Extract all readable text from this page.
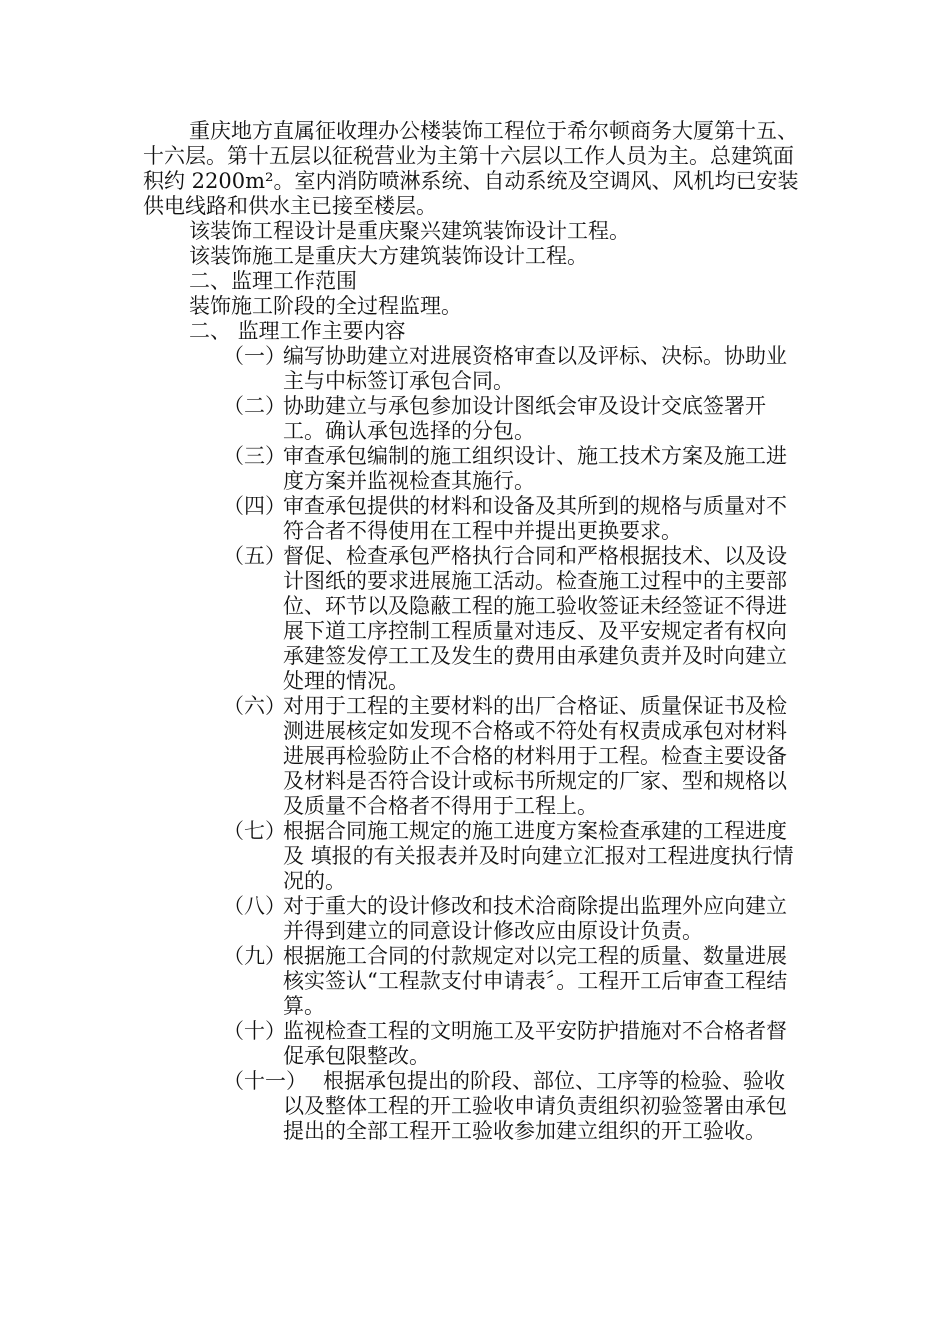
重庆地方直属征收理办公楼装饰工程位于希尔顿商务大厦第十五、十六层。第十五层以征税营业为主第十六层以工作人员为主。总建筑面积约 2200m²。室内消防喷淋系统、自动系统及空调风、风机均已安装供电线路和供水主已接至楼层。

该装饰工程设计是重庆聚兴建筑装饰设计工程。

该装饰施工是重庆大方建筑装饰设计工程。

二、监理工作范围

装饰施工阶段的全过程监理。

二、 监理工作主要内容

（一）
编写协助建立对进展资格审查以及评标、决标。协助业主与中标签订承包合同。
（二）
协助建立与承包参加设计图纸会审及设计交底签署开工。确认承包选择的分包。
（三）
审查承包编制的施工组织设计、施工技术方案及施工进度方案并监视检查其施行。
（四）
审查承包提供的材料和设备及其所到的规格与质量对不符合者不得使用在工程中并提出更换要求。
（五）
督促、检查承包严格执行合同和严格根据技术、以及设计图纸的要求进展施工活动。检查施工过程中的主要部位、环节以及隐蔽工程的施工验收签证未经签证不得进展下道工序控制工程质量对违反、及平安规定者有权向承建签发停工工及发生的费用由承建负责并及时向建立处理的情况。
（六）
对用于工程的主要材料的出厂合格证、质量保证书及检测进展核定如发现不合格或不符处有权责成承包对材料进展再检验防止不合格的材料用于工程。检查主要设备及材料是否符合设计或标书所规定的厂家、型和规格以及质量不合格者不得用于工程上。
（七）
根据合同施工规定的施工进度方案检查承建的工程进度及 填报的有关报表并及时向建立汇报对工程进度执行情况的。
（八）
对于重大的设计修改和技术洽商除提出监理外应向建立并得到建立的同意设计修改应由原设计负责。
（九）
根据施工合同的付款规定对以完工程的质量、数量进展核实签认“工程款支付申请表〞。工程开工后审查工程结算。
（十）
监视检查工程的文明施工及平安防护措施对不合格者督促承包限整改。
（十一） 根据承包提出的阶段、部位、工序等的检验、验收以及整体工程的开工验收申请负责组织初验签署由承包提出的全部工程开工验收参加建立组织的开工验收。
